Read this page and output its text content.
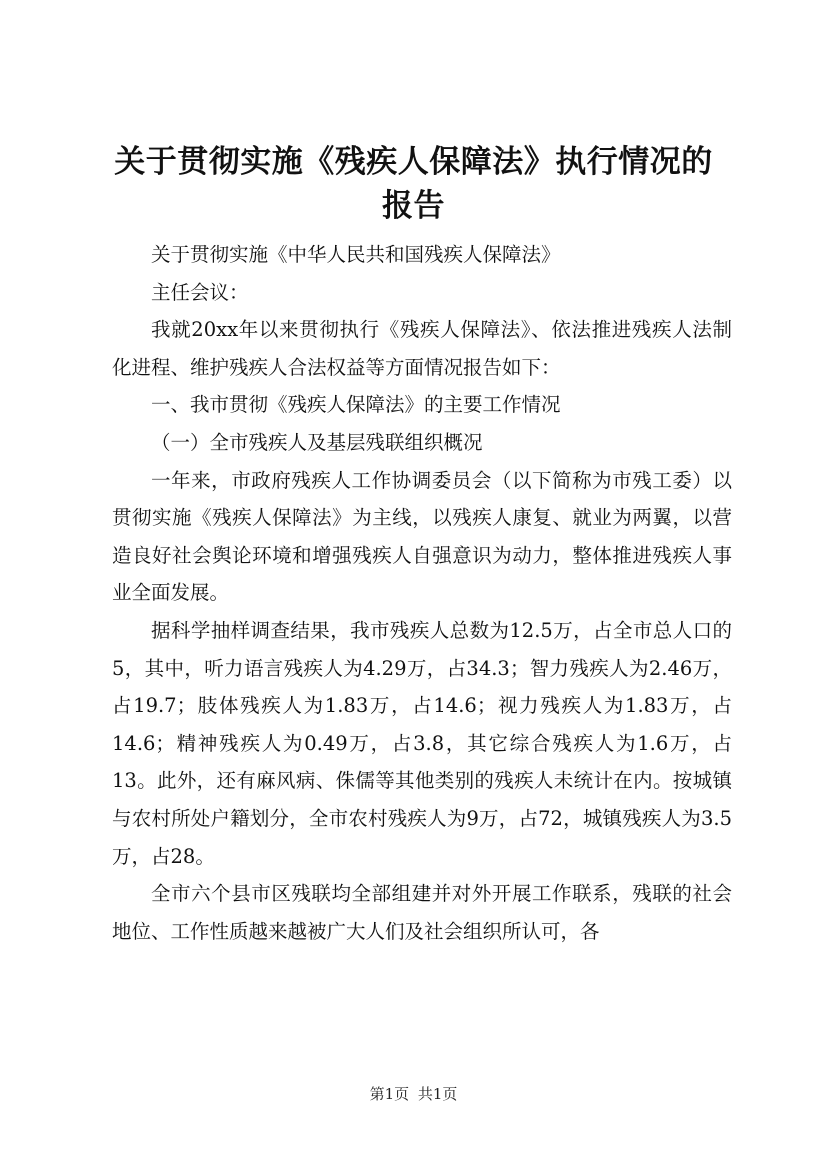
关于贯彻实施《残疾人保障法》执行情况的报告

关于贯彻实施《中华人民共和国残疾人保障法》

主任会议：

我就20xx年以来贯彻执行《残疾人保障法》、依法推进残疾人法制化进程、维护残疾人合法权益等方面情况报告如下：

一、我市贯彻《残疾人保障法》的主要工作情况

（一）全市残疾人及基层残联组织概况

一年来，市政府残疾人工作协调委员会（以下简称为市残工委）以贯彻实施《残疾人保障法》为主线，以残疾人康复、就业为两翼，以营造良好社会舆论环境和增强残疾人自强意识为动力，整体推进残疾人事业全面发展。

据科学抽样调查结果，我市残疾人总数为12.5万，占全市总人口的5，其中，听力语言残疾人为4.29万，占34.3；智力残疾人为2.46万，占19.7；肢体残疾人为1.83万，占14.6；视力残疾人为1.83万，占14.6；精神残疾人为0.49万，占3.8，其它综合残疾人为1.6万，占13。此外，还有麻风病、侏儒等其他类别的残疾人未统计在内。按城镇与农村所处户籍划分，全市农村残疾人为9万，占72，城镇残疾人为3.5万，占28。

全市六个县市区残联均全部组建并对外开展工作联系，残联的社会地位、工作性质越来越被广大人们及社会组织所认可，各

第1页 共1页
